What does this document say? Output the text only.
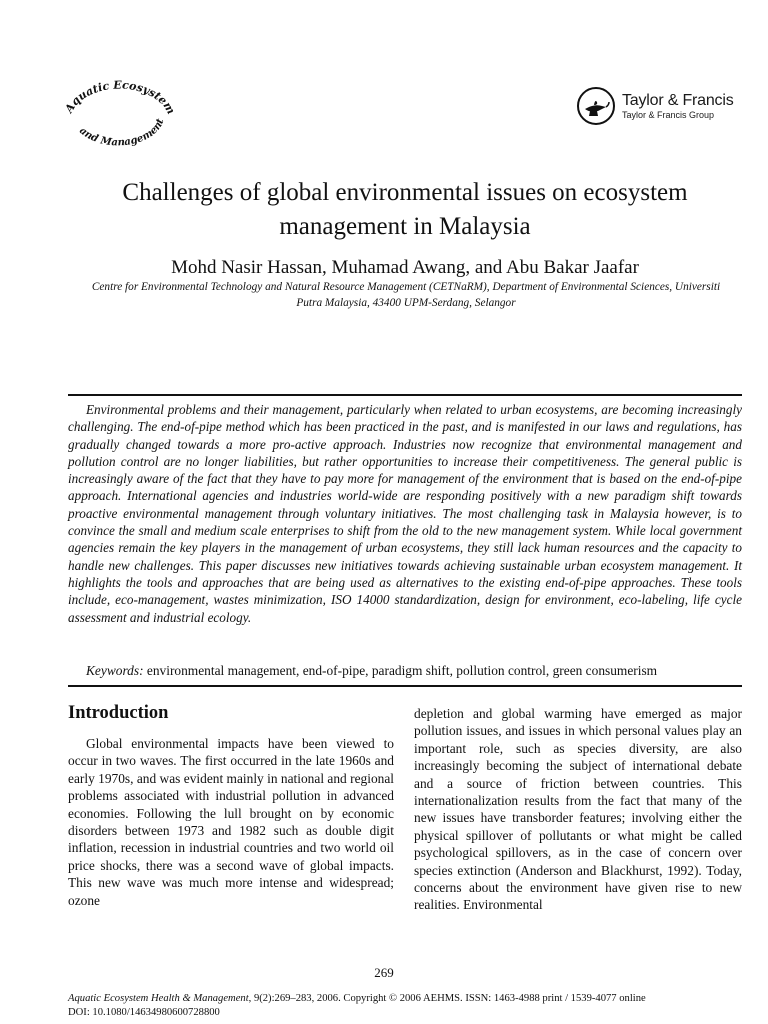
Aquatic Ecosystem
and Management
Taylor & Francis
Taylor & Francis Group
Challenges of global environmental issues on ecosystem management in Malaysia
Mohd Nasir Hassan, Muhamad Awang, and Abu Bakar Jaafar
Centre for Environmental Technology and Natural Resource Management (CETNaRM), Department of Environmental Sciences, Universiti Putra Malaysia, 43400 UPM-Serdang, Selangor

Environmental problems and their management, particularly when related to urban ecosystems, are becoming increasingly challenging. The end-of-pipe method which has been practiced in the past, and is manifested in our laws and regulations, has gradually changed towards a more pro-active approach. Industries now recognize that environmental management and pollution control are no longer liabilities, but rather opportunities to increase their competitiveness. The general public is increasingly aware of the fact that they have to pay more for management of the environment that is based on the end-of-pipe approach. International agencies and industries world-wide are responding positively with a new paradigm shift towards proactive environmental management through voluntary initiatives. The most challenging task in Malaysia however, is to convince the small and medium scale enterprises to shift from the old to the new management system. While local government agencies remain the key players in the management of urban ecosystems, they still lack human resources and the capacity to handle new challenges. This paper discusses new initiatives towards achieving sustainable urban ecosystem management. It highlights the tools and approaches that are being used as alternatives to the existing end-of-pipe approaches. These tools include, eco-management, wastes minimization, ISO 14000 standardization, design for environment, eco-labeling, life cycle assessment and industrial ecology.

Keywords: environmental management, end-of-pipe, paradigm shift, pollution control, green consumerism

Introduction

Global environmental impacts have been viewed to occur in two waves. The first occurred in the late 1960s and early 1970s, and was evident mainly in national and regional problems associated with industrial pollution in advanced economies. Following the lull brought on by economic disorders between 1973 and 1982 such as double digit inflation, recession in industrial countries and two world oil price shocks, there was a second wave of global impacts. This new wave was much more intense and widespread; ozone

depletion and global warming have emerged as major pollution issues, and issues in which personal values play an important role, such as species diversity, are also increasingly becoming the subject of international debate and a source of friction between countries. This internationalization results from the fact that many of the new issues have transborder features; involving either the physical spillover of pollutants or what might be called psychological spillovers, as in the case of concern over species extinction (Anderson and Blackhurst, 1992). Today, concerns about the environment have given rise to new realities. Environmental

269
Aquatic Ecosystem Health & Management, 9(2):269–283, 2006. Copyright © 2006 AEHMS. ISSN: 1463-4988 print / 1539-4077 online
DOI: 10.1080/14634980600728800
